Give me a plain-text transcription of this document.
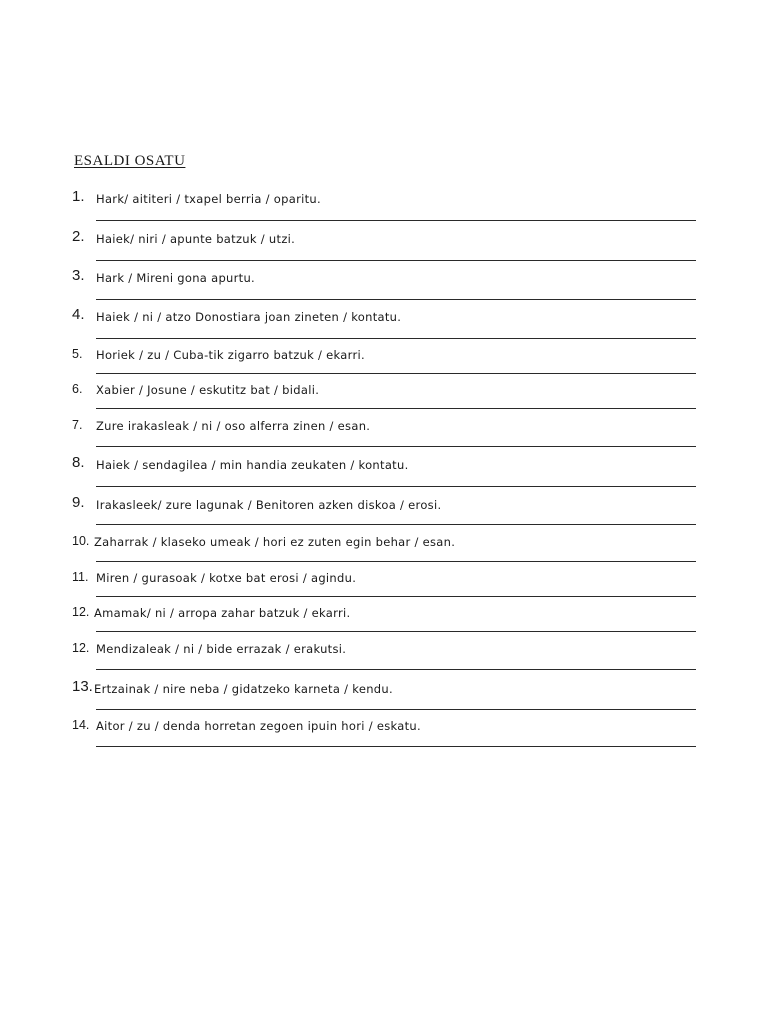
ESALDI OSATU
1. Hark/ aititeri / txapel berria / oparitu.
2. Haiek/ niri / apunte batzuk / utzi.
3. Hark / Mireni gona apurtu.
4. Haiek / ni / atzo Donostiara joan zineten / kontatu.
5. Horiek / zu / Cuba-tik zigarro batzuk / ekarri.
6. Xabier / Josune / eskutitz bat / bidali.
7. Zure irakasleak / ni / oso alferra zinen / esan.
8. Haiek / sendagilea / min handia zeukaten / kontatu.
9. Irakasleek/ zure lagunak / Benitoren azken diskoa / erosi.
10. Zaharrak / klaseko umeak / hori ez zuten egin behar / esan.
11. Miren / gurasoak / kotxe bat erosi / agindu.
12. Amamak/ ni / arropa zahar batzuk / ekarri.
12. Mendizaleak / ni / bide errazak / erakutsi.
13. Ertzainak / nire neba / gidatzeko karneta / kendu.
14. Aitor / zu / denda horretan zegoen ipuin hori / eskatu.
